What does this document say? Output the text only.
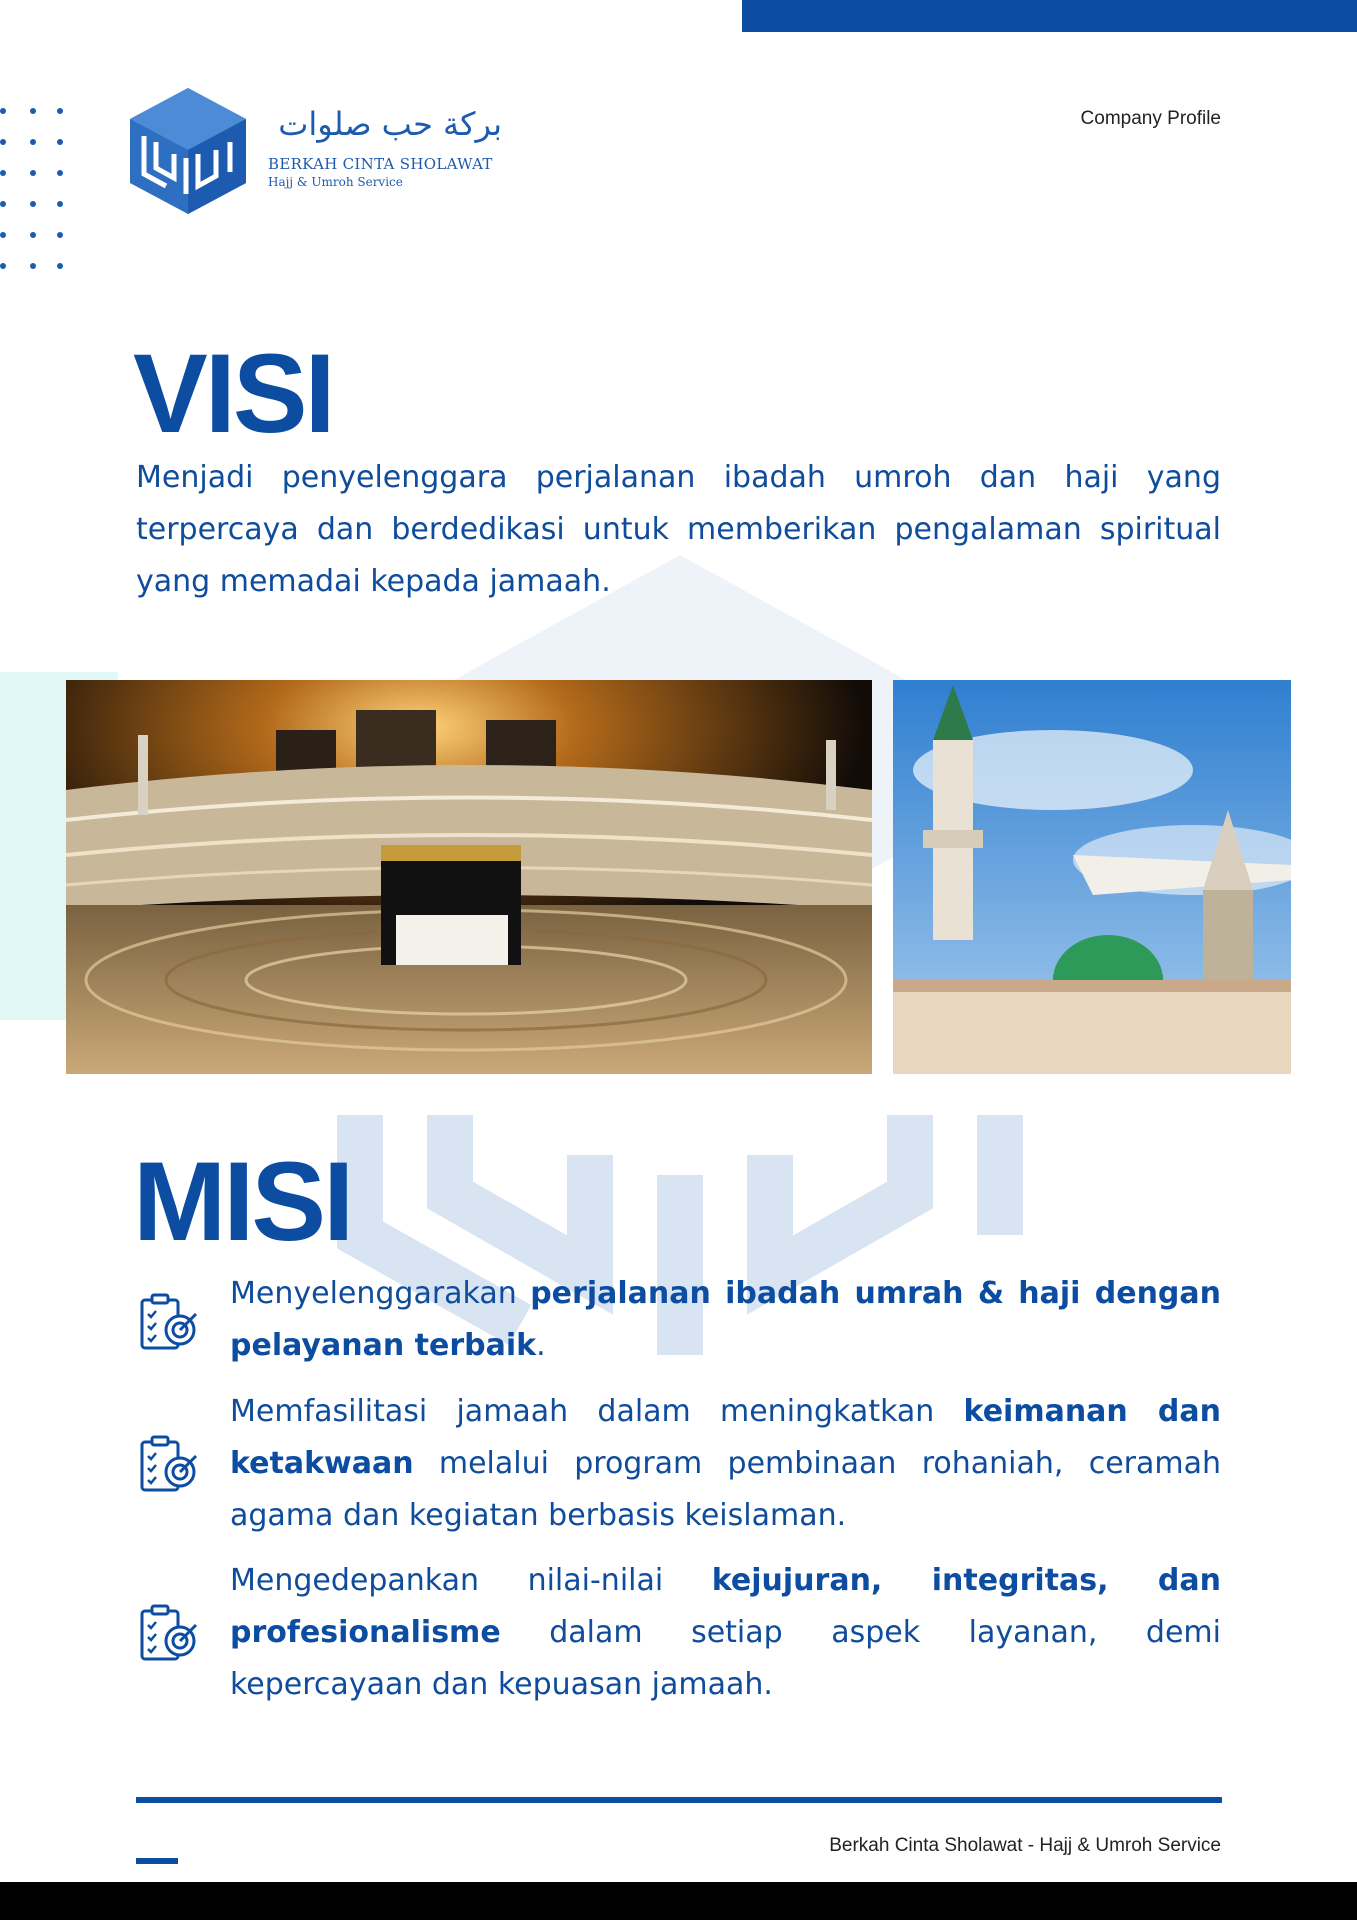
بركة حب صلوات
BERKAH CINTA SHOLAWAT
Hajj & Umroh Service
Company Profile
VISI

Menjadi penyelenggara perjalanan ibadah umroh dan haji yang terpercaya dan berdedikasi untuk memberikan pengalaman spiritual yang memadai kepada jamaah.

MISI

Menyelenggarakan perjalanan ibadah umrah & haji dengan pelayanan terbaik.

Memfasilitasi jamaah dalam meningkatkan keimanan dan ketakwaan melalui program pembinaan rohaniah, ceramah agama dan kegiatan berbasis keislaman.

Mengedepankan nilai-nilai kejujuran, integritas, dan profesionalisme dalam setiap aspek layanan, demi kepercayaan dan kepuasan jamaah.

Berkah Cinta Sholawat - Hajj & Umroh Service
